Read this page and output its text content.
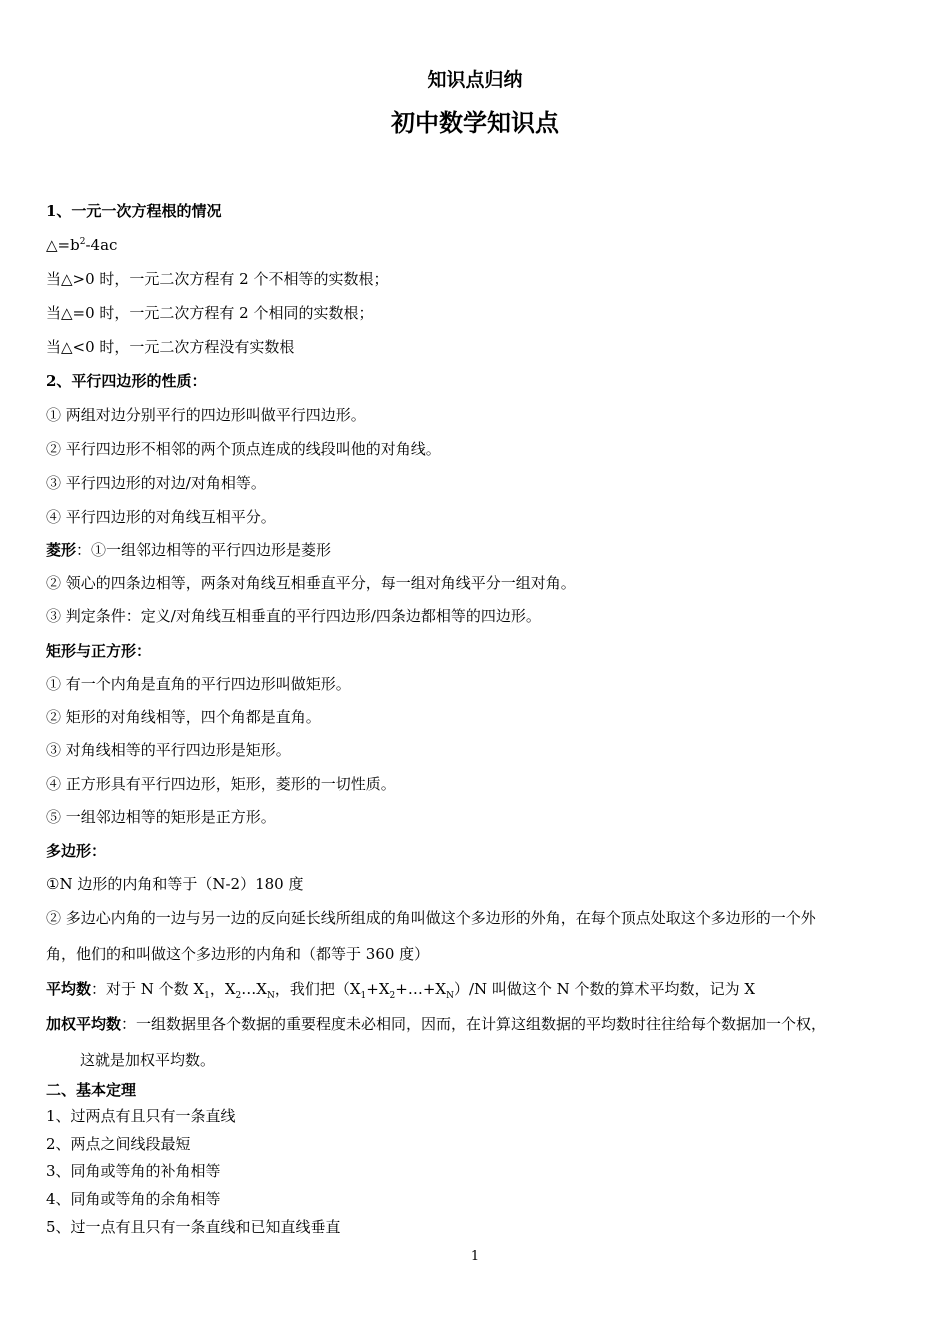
知识点归纳
初中数学知识点
1、一元一次方程根的情况
$\triangle=b^2-4ac$
当△>0 时，一元二次方程有 2 个不相等的实数根；
当△=0 时，一元二次方程有 2 个相同的实数根；
当△<0 时，一元二次方程没有实数根
2、平行四边形的性质：
① 两组对边分别平行的四边形叫做平行四边形。
② 平行四边形不相邻的两个顶点连成的线段叫他的对角线。
③ 平行四边形的对边/对角相等。
④ 平行四边形的对角线互相平分。
菱形：①一组邻边相等的平行四边形是菱形
② 领心的四条边相等，两条对角线互相垂直平分，每一组对角线平分一组对角。
③ 判定条件：定义/对角线互相垂直的平行四边形/四条边都相等的四边形。
矩形与正方形：
① 有一个内角是直角的平行四边形叫做矩形。
② 矩形的对角线相等，四个角都是直角。
③ 对角线相等的平行四边形是矩形。
④ 正方形具有平行四边形，矩形，菱形的一切性质。
⑤ 一组邻边相等的矩形是正方形。
多边形：
①N 边形的内角和等于（N-2）180 度
② 多边心内角的一边与另一边的反向延长线所组成的角叫做这个多边形的外角，在每个顶点处取这个多边形的一个外
角，他们的和叫做这个多边形的内角和（都等于 360 度）
平均数：对于 N 个数 $X_1$，$X_2\dots X_N$，我们把$(X_1+X_2+\dots+X_N)/N$ 叫做这个 N 个数的算术平均数，记为 X
加权平均数：一组数据里各个数据的重要程度未必相同，因而，在计算这组数据的平均数时往往给每个数据加一个权，
这就是加权平均数。
二、基本定理
1、过两点有且只有一条直线
2、两点之间线段最短
3、同角或等角的补角相等
4、同角或等角的余角相等
5、过一点有且只有一条直线和已知直线垂直
1
